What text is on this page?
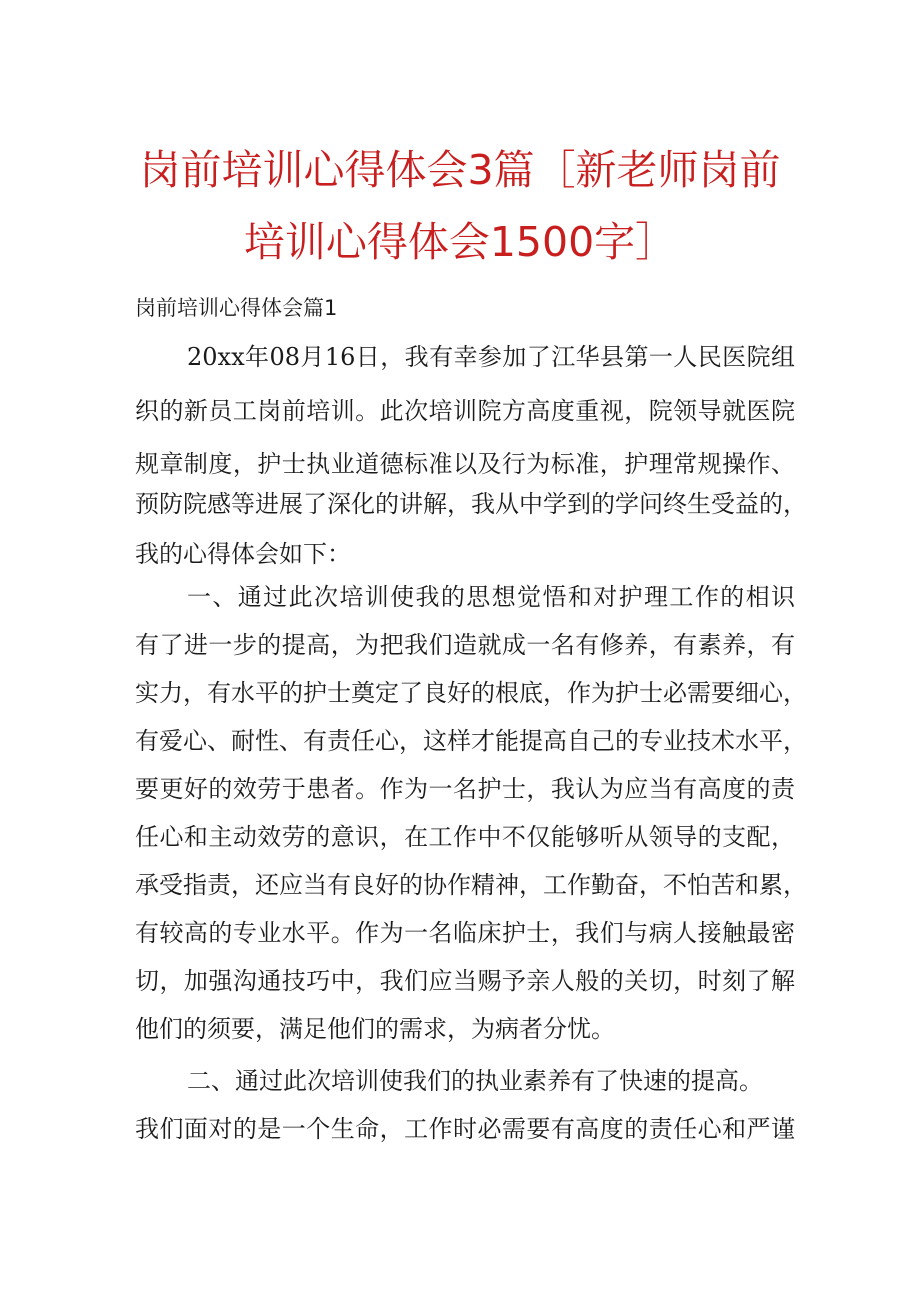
岗前培训心得体会3篇［新老师岗前
培训心得体会1500字］
岗前培训心得体会篇1
20xx年08月16日，我有幸参加了江华县第一人民医院组
织的新员工岗前培训。此次培训院方高度重视，院领导就医院
规章制度，护士执业道德标准以及行为标准，护理常规操作、
预防院感等进展了深化的讲解，我从中学到的学问终生受益的，
我的心得体会如下：
一、通过此次培训使我的思想觉悟和对护理工作的相识
有了进一步的提高，为把我们造就成一名有修养，有素养，有
实力，有水平的护士奠定了良好的根底，作为护士必需要细心，
有爱心、耐性、有责任心，这样才能提高自己的专业技术水平，
要更好的效劳于患者。作为一名护士，我认为应当有高度的责
任心和主动效劳的意识，在工作中不仅能够听从领导的支配，
承受指责，还应当有良好的协作精神，工作勤奋，不怕苦和累，
有较高的专业水平。作为一名临床护士，我们与病人接触最密
切，加强沟通技巧中，我们应当赐予亲人般的关切，时刻了解
他们的须要，满足他们的需求，为病者分忧。
二、通过此次培训使我们的执业素养有了快速的提高。
我们面对的是一个生命，工作时必需要有高度的责任心和严谨
